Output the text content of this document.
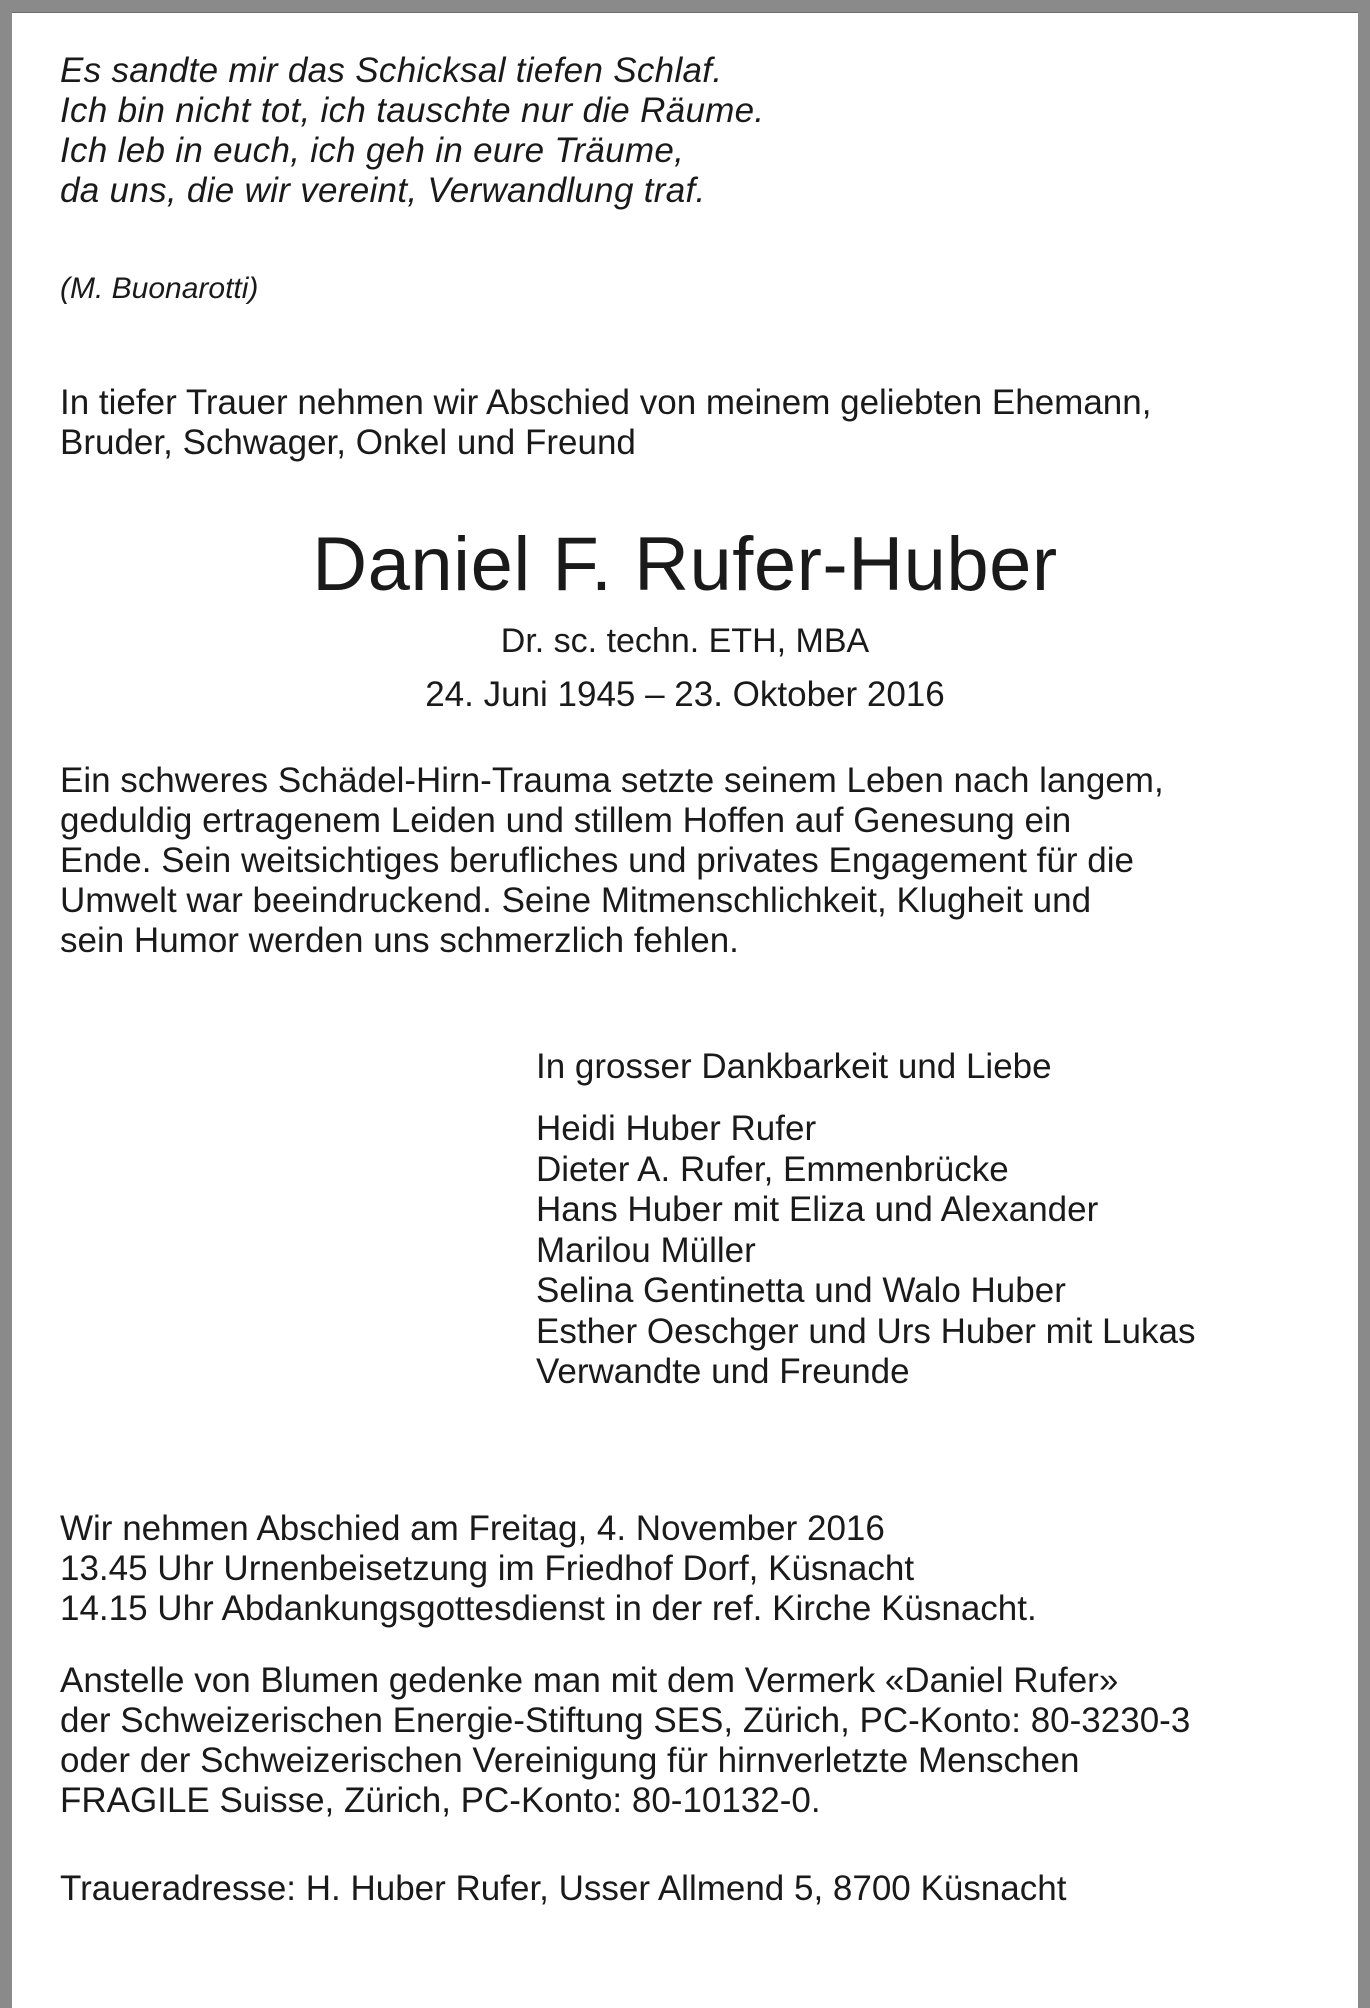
Es sandte mir das Schicksal tiefen Schlaf.
Ich bin nicht tot, ich tauschte nur die Räume.
Ich leb in euch, ich geh in eure Träume,
da uns, die wir vereint, Verwandlung traf.
(M. Buonarotti)
In tiefer Trauer nehmen wir Abschied von meinem geliebten Ehemann,
Bruder, Schwager, Onkel und Freund
Daniel F. Rufer-Huber
Dr. sc. techn. ETH, MBA
24. Juni 1945 – 23. Oktober 2016
Ein schweres Schädel-Hirn-Trauma setzte seinem Leben nach langem,
geduldig ertragenem Leiden und stillem Hoffen auf Genesung ein
Ende. Sein weitsichtiges berufliches und privates Engagement für die
Umwelt war beeindruckend. Seine Mitmenschlichkeit, Klugheit und
sein Humor werden uns schmerzlich fehlen.
In grosser Dankbarkeit und Liebe
Heidi Huber Rufer
Dieter A. Rufer, Emmenbrücke
Hans Huber mit Eliza und Alexander
Marilou Müller
Selina Gentinetta und Walo Huber
Esther Oeschger und Urs Huber mit Lukas
Verwandte und Freunde
Wir nehmen Abschied am Freitag, 4. November 2016
13.45 Uhr Urnenbeisetzung im Friedhof Dorf, Küsnacht
14.15 Uhr Abdankungsgottesdienst in der ref. Kirche Küsnacht.
Anstelle von Blumen gedenke man mit dem Vermerk «Daniel Rufer»
der Schweizerischen Energie-Stiftung SES, Zürich, PC-Konto: 80-3230-3
oder der Schweizerischen Vereinigung für hirnverletzte Menschen
FRAGILE Suisse, Zürich, PC-Konto: 80-10132-0.
Traueradresse: H. Huber Rufer, Usser Allmend 5, 8700 Küsnacht
